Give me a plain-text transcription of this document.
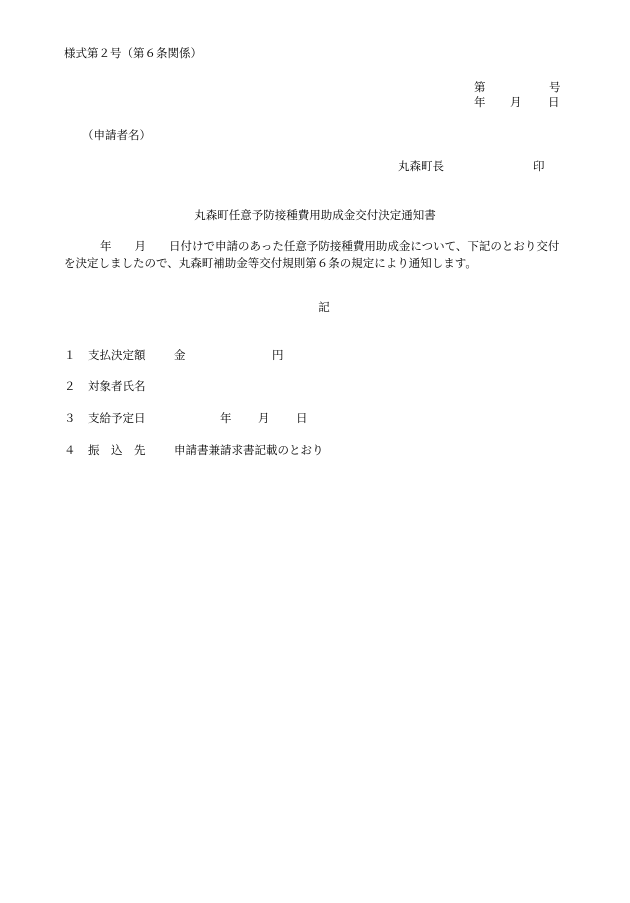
様式第２号（第６条関係）
第	号
年 月 日
（申請者名）
丸森町長	印
丸森町任意予防接種費用助成金交付決定通知書
年　　月　　日付けで申請のあった任意予防接種費用助成金について、下記のとおり交付
を決定しましたので、丸森町補助金等交付規則第６条の規定により通知します。
記
１	支払決定額	金	円
２	対象者氏名
３	支給予定日	年	月	日
４	振　込　先	申請書兼請求書記載のとおり
